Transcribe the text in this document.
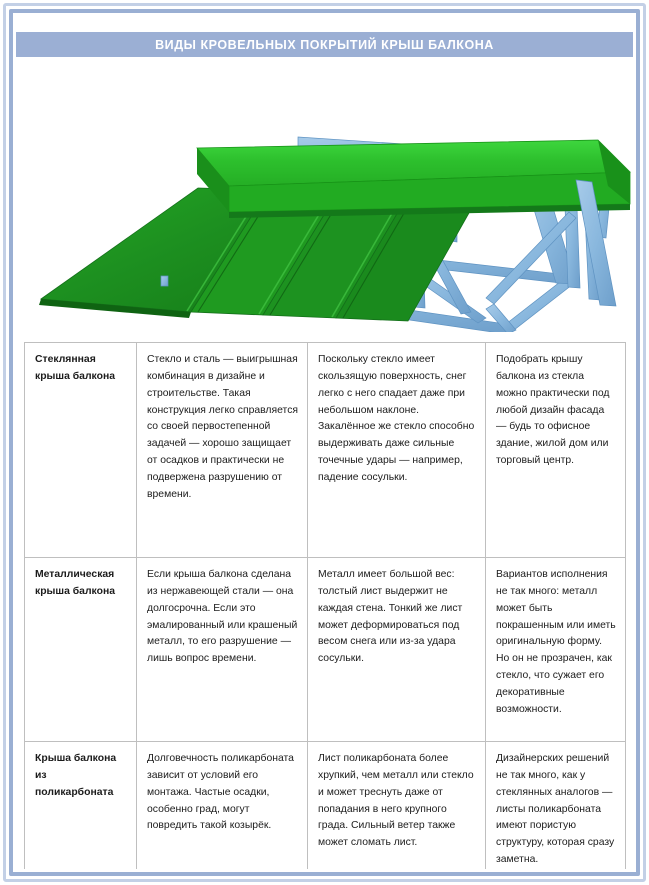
ВИДЫ КРОВЕЛЬНЫХ ПОКРЫТИЙ КРЫШ БАЛКОНА
Стеклянная крыша балкона	Стекло и сталь — выигрышная комбинация в дизайне и строительстве. Такая конструкция легко справляется со своей первостепенной задачей — хорошо защищает от осадков и практически не подвержена разрушению от времени.	Поскольку стекло имеет скользящую поверхность, снег легко с него спадает даже при небольшом наклоне. Закалённое же стекло способно выдерживать даже сильные точечные удары — например, падение сосульки.	Подобрать крышу балкона из стекла можно практически под любой дизайн фасада — будь то офисное здание, жилой дом или торговый центр.
Металлическая крыша балкона	Если крыша балкона сделана из нержавеющей стали — она долгосрочна. Если это эмалированный или крашеный металл, то его разрушение — лишь вопрос времени.	Металл имеет большой вес: толстый лист выдержит не каждая стена. Тонкий же лист может деформироваться под весом снега или из-за удара сосульки.	Вариантов исполнения не так много: металл может быть покрашенным или иметь оригинальную форму. Но он не прозрачен, как стекло, что сужает его декоративные возможности.
Крыша балкона из поликарбоната	Долговечность поликарбоната зависит от условий его монтажа. Частые осадки, особенно град, могут повредить такой козырёк.	Лист поликарбоната более хрупкий, чем металл или стекло и может треснуть даже от попадания в него крупного града. Сильный ветер также может сломать лист.	Дизайнерских решений не так много, как у стеклянных аналогов — листы поликарбоната имеют пористую структуру, которая сразу заметна.
